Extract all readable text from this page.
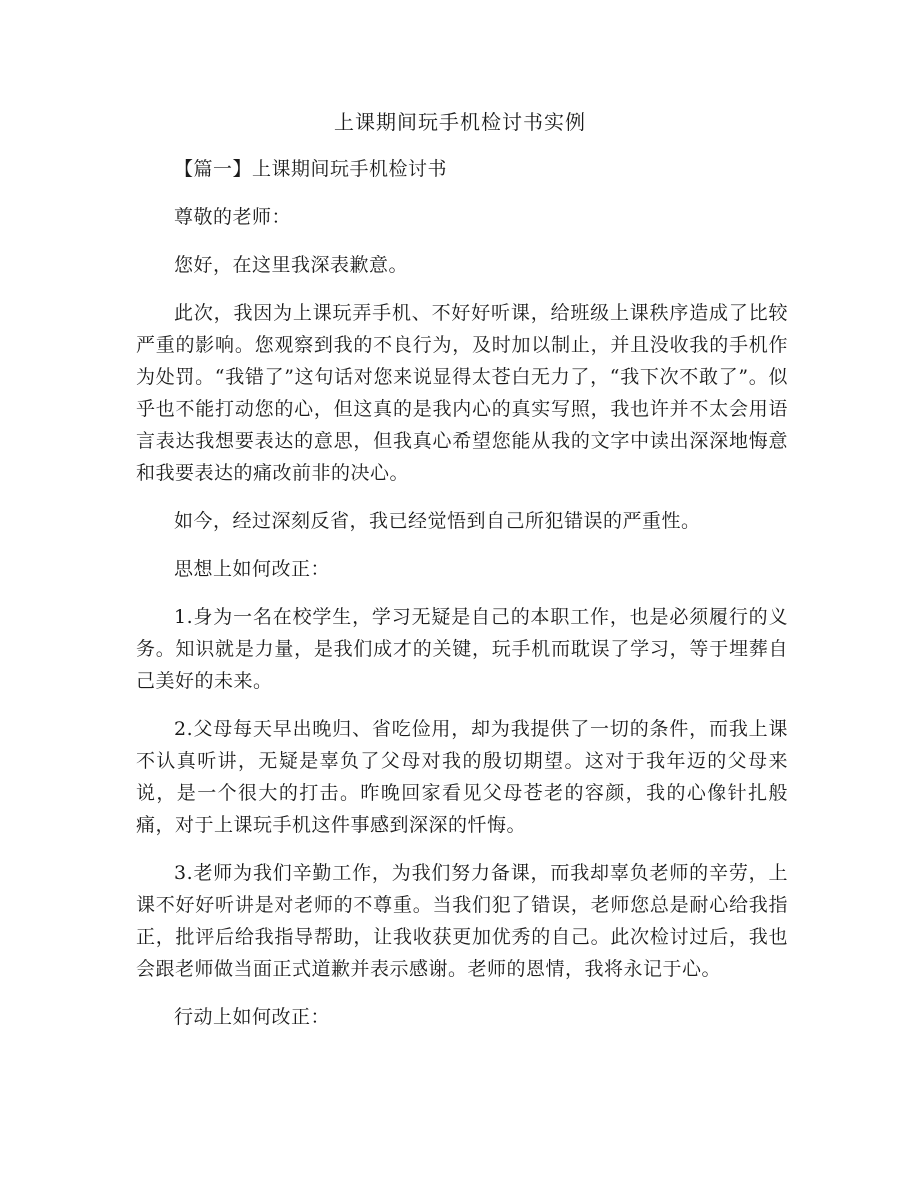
上课期间玩手机检讨书实例

【篇一】上课期间玩手机检讨书

尊敬的老师：

您好，在这里我深表歉意。

此次，我因为上课玩弄手机、不好好听课，给班级上课秩序造成了比较严重的影响。您观察到我的不良行为，及时加以制止，并且没收我的手机作为处罚。“我错了”这句话对您来说显得太苍白无力了，“我下次不敢了”。似乎也不能打动您的心，但这真的是我内心的真实写照，我也许并不太会用语言表达我想要表达的意思，但我真心希望您能从我的文字中读出深深地悔意和我要表达的痛改前非的决心。

如今，经过深刻反省，我已经觉悟到自己所犯错误的严重性。

思想上如何改正：

1.身为一名在校学生，学习无疑是自己的本职工作，也是必须履行的义务。知识就是力量，是我们成才的关键，玩手机而耽误了学习，等于埋葬自己美好的未来。

2.父母每天早出晚归、省吃俭用，却为我提供了一切的条件，而我上课不认真听讲，无疑是辜负了父母对我的殷切期望。这对于我年迈的父母来说，是一个很大的打击。昨晚回家看见父母苍老的容颜，我的心像针扎般痛，对于上课玩手机这件事感到深深的忏悔。

3.老师为我们辛勤工作，为我们努力备课，而我却辜负老师的辛劳，上课不好好听讲是对老师的不尊重。当我们犯了错误，老师您总是耐心给我指正，批评后给我指导帮助，让我收获更加优秀的自己。此次检讨过后，我也会跟老师做当面正式道歉并表示感谢。老师的恩情，我将永记于心。

行动上如何改正：
